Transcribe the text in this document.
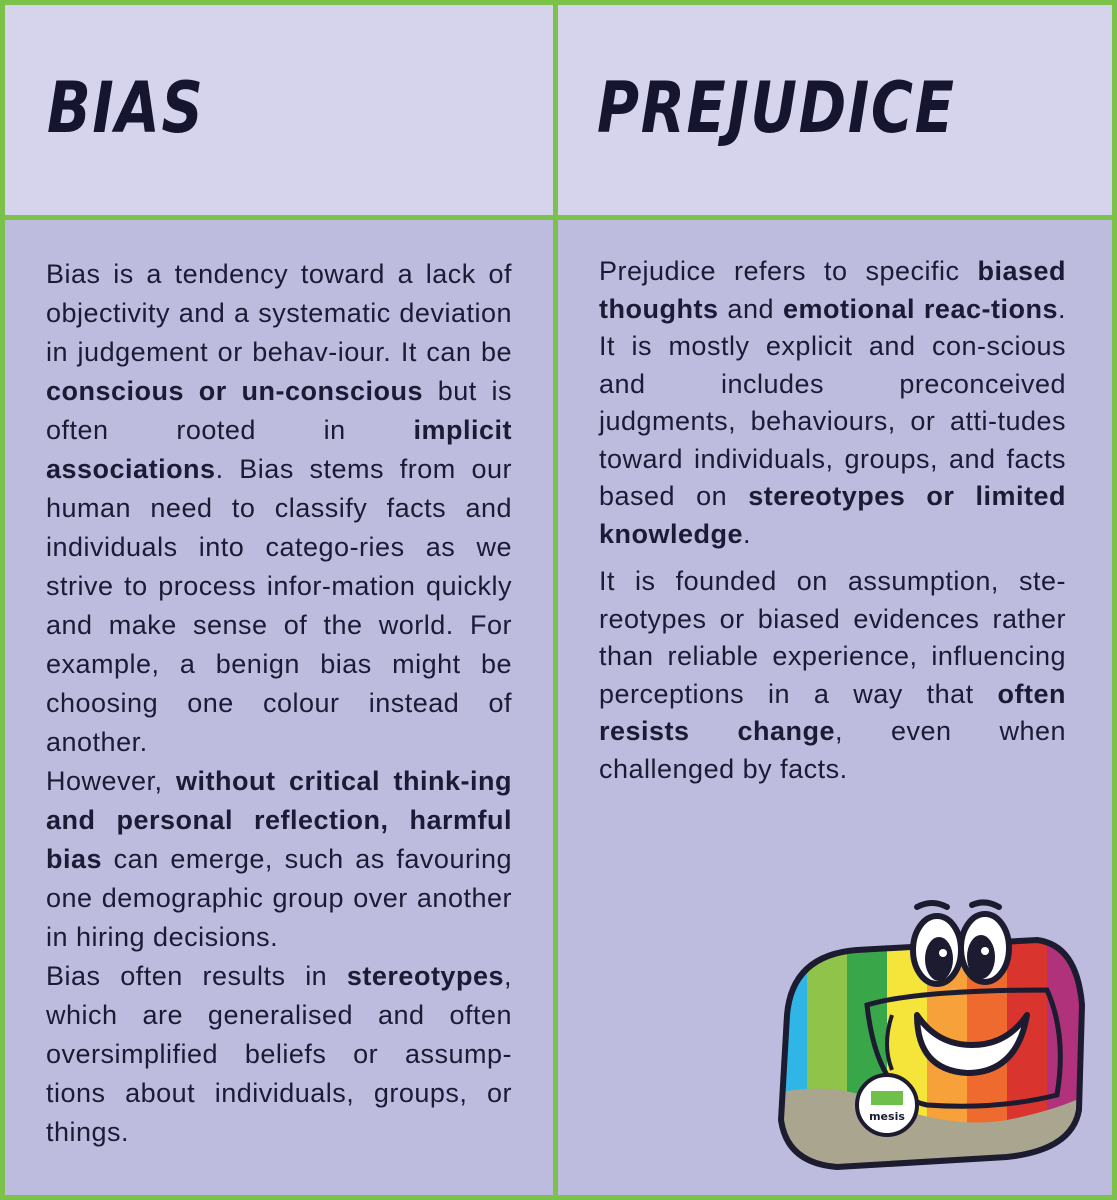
BIAS	PREJUDICE

Bias is a tendency toward a lack of objectivity and a systematic deviation in judgement or behav-iour. It can be conscious or un-conscious but is often rooted in implicit associations. Bias stems from our human need to classify facts and individuals into catego-ries as we strive to process infor-mation quickly and make sense of the world. For example, a benign bias might be choosing one colour instead of another.

However, without critical think-ing and personal reflection, harmful bias can emerge, such as favouring one demographic group over another in hiring decisions.

Bias often results in stereotypes, which are generalised and often oversimplified beliefs or assump-tions about individuals, groups, or things.

Prejudice refers to specific biased thoughts and emotional reac-tions. It is mostly explicit and con-scious and includes preconceived judgments, behaviours, or atti-tudes toward individuals, groups, and facts based on stereotypes or limited knowledge.

It is founded on assumption, ste-reotypes or biased evidences rather than reliable experience, influencing perceptions in a way that often resists change, even when challenged by facts.

mesis
